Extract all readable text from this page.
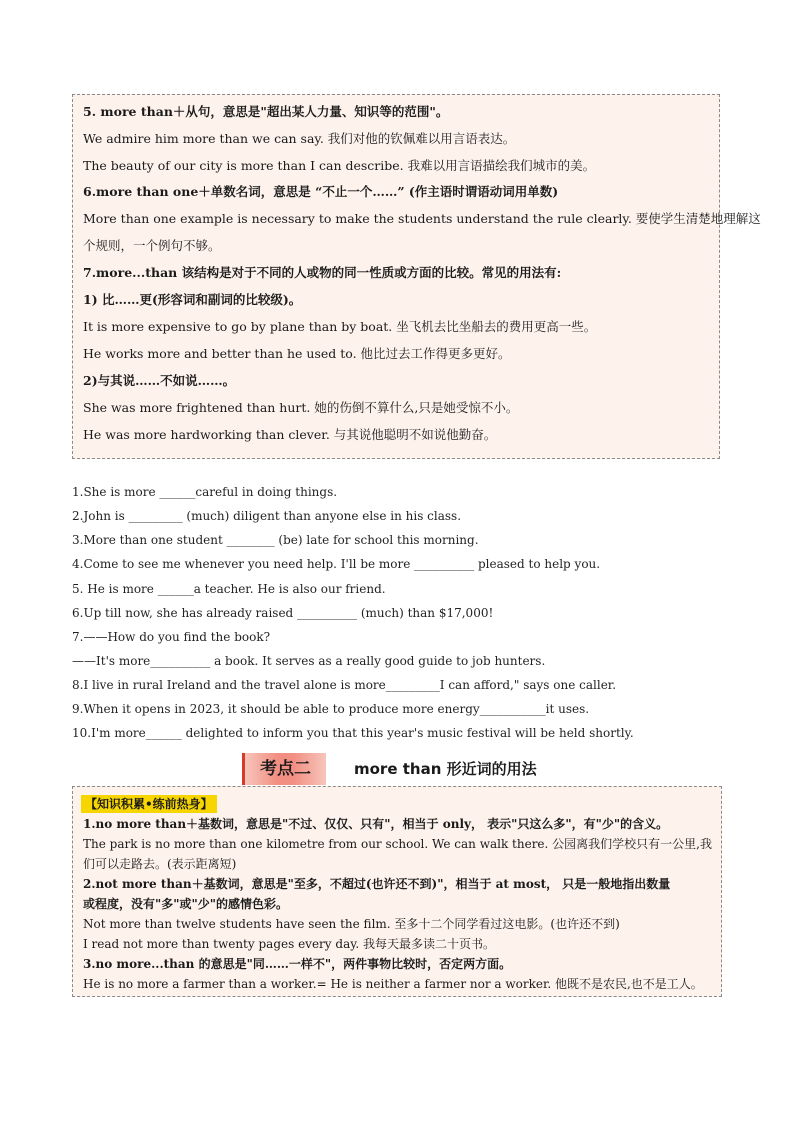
5. more than＋从句，意思是"超出某人力量、知识等的范围"。
We admire him more than we can say. 我们对他的钦佩难以用言语表达。
The beauty of our city is more than I can describe. 我难以用言语描绘我们城市的美。
6.more than one＋单数名词，意思是 “不止一个……” (作主语时谓语动词用单数)
More than one example is necessary to make the students understand the rule clearly. 要使学生清楚地理解这
个规则，一个例句不够。
7.more...than 该结构是对于不同的人或物的同一性质或方面的比较。常见的用法有:
1) 比……更(形容词和副词的比较级)。
It is more expensive to go by plane than by boat. 坐飞机去比坐船去的费用更高一些。
He works more and better than he used to. 他比过去工作得更多更好。
2)与其说……不如说……。
She was more frightened than hurt. 她的伤倒不算什么,只是她受惊不小。
He was more hardworking than clever. 与其说他聪明不如说他勤奋。
1.She is more ______careful in doing things.
2.John is _________ (much) diligent than anyone else in his class.
3.More than one student ________ (be) late for school this morning.
4.Come to see me whenever you need help. I'll be more __________ pleased to help you.
5. He is more ______a teacher. He is also our friend.
6.Up till now, she has already raised __________ (much) than $17,000!
7.——How do you find the book?
——It's more__________ a book. It serves as a really good guide to job hunters.
8.I live in rural Ireland and the travel alone is more_________I can afford," says one caller.
9.When it opens in 2023, it should be able to produce more energy___________it uses.
10.I'm more______ delighted to inform you that this year's music festival will be held shortly.
考点二	more than 形近词的用法
【知识积累•练前热身】
1.no more than＋基数词，意思是"不过、仅仅、只有"，相当于 only， 表示"只这么多"，有"少"的含义。
The park is no more than one kilometre from our school. We can walk there. 公园离我们学校只有一公里,我
们可以走路去。(表示距离短)
2.not more than＋基数词，意思是"至多，不超过(也许还不到)"，相当于 at most， 只是一般地指出数量
或程度，没有"多"或"少"的感情色彩。
Not more than twelve students have seen the film. 至多十二个同学看过这电影。(也许还不到)
I read not more than twenty pages every day. 我每天最多读二十页书。
3.no more...than 的意思是"同……一样不"，两件事物比较时，否定两方面。
He is no more a farmer than a worker.= He is neither a farmer nor a worker. 他既不是农民,也不是工人。
